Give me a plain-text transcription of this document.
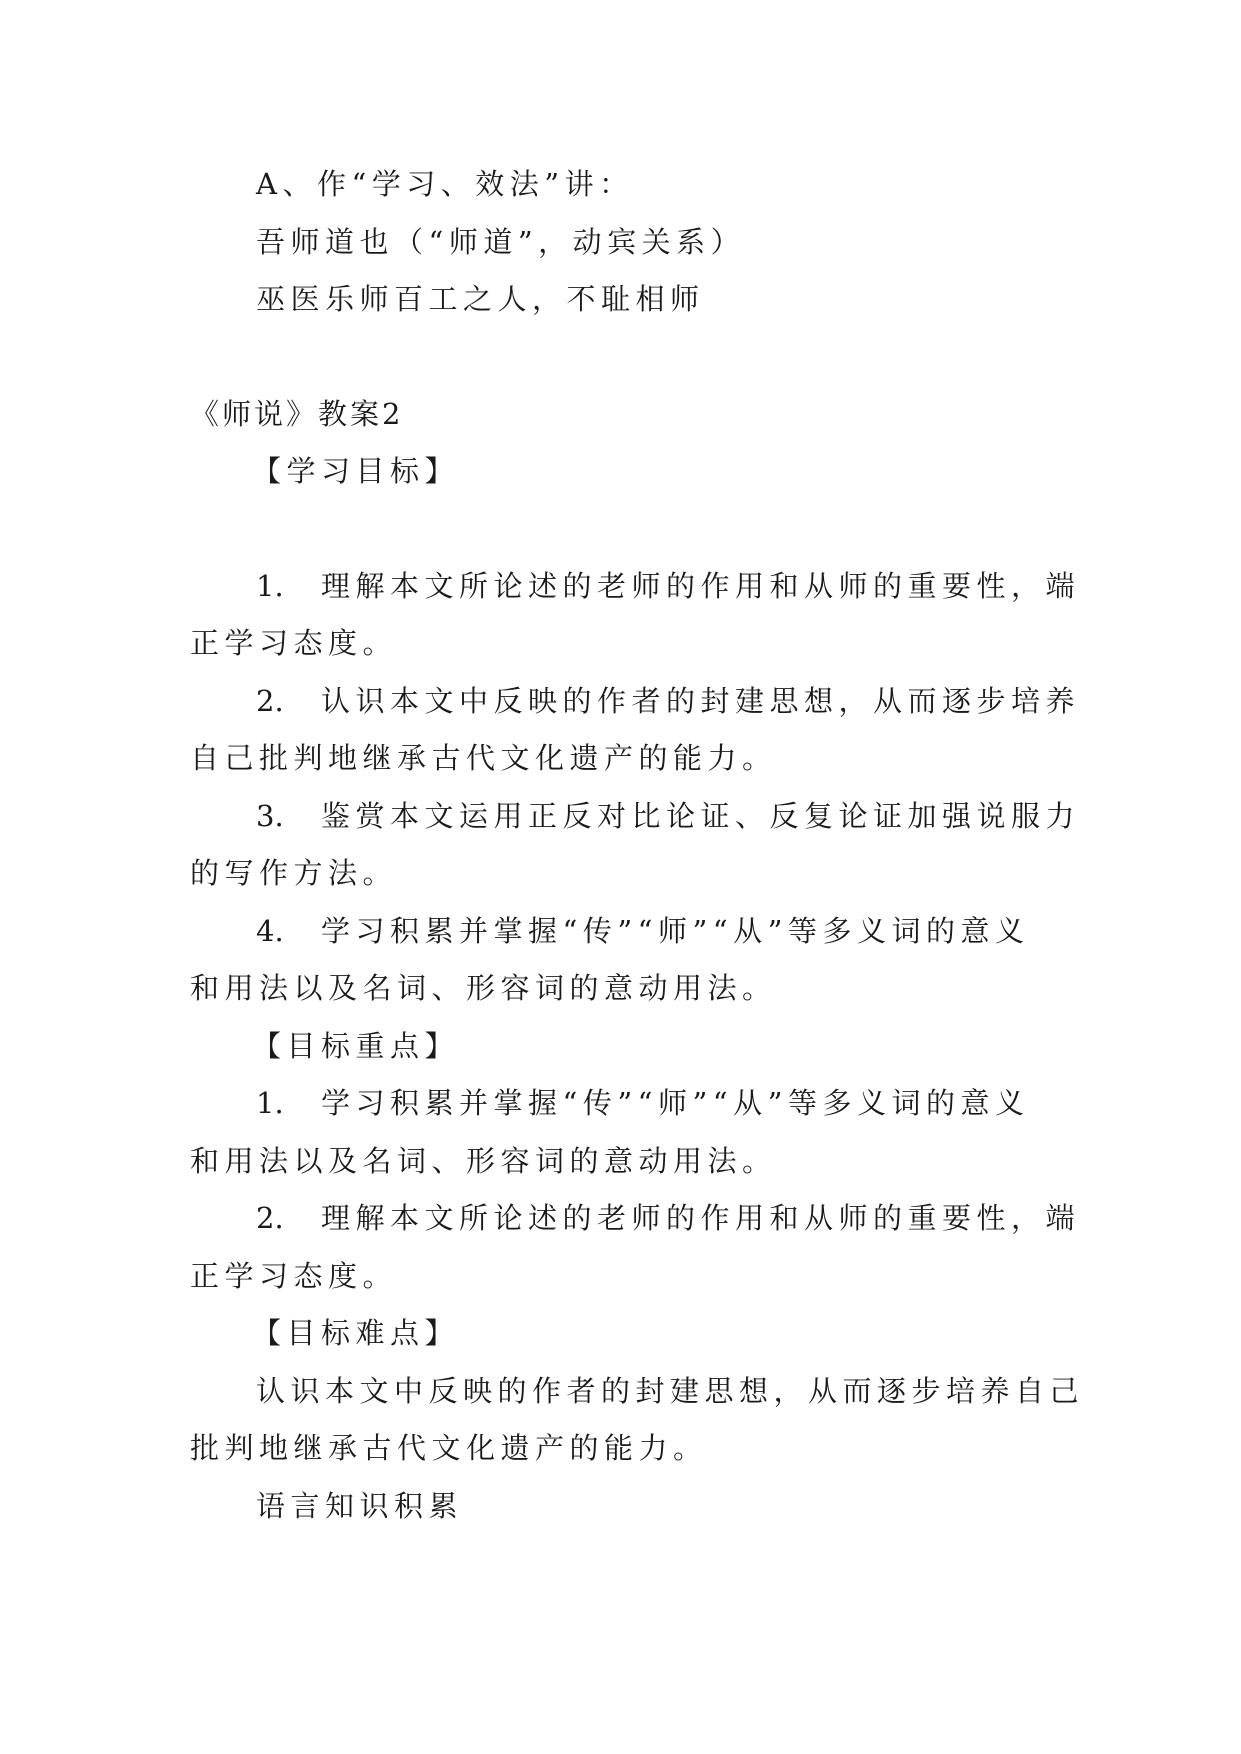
A、作“学习、效法”讲：
吾师道也（“师道”，动宾关系）
巫医乐师百工之人，不耻相师
《师说》教案2
【学习目标】
1. 理解本文所论述的老师的作用和从师的重要性，端
正学习态度。
2. 认识本文中反映的作者的封建思想，从而逐步培养
自己批判地继承古代文化遗产的能力。
3. 鉴赏本文运用正反对比论证、反复论证加强说服力
的写作方法。
4. 学习积累并掌握“传”“师”“从”等多义词的意义
和用法以及名词、形容词的意动用法。
【目标重点】
1. 学习积累并掌握“传”“师”“从”等多义词的意义
和用法以及名词、形容词的意动用法。
2. 理解本文所论述的老师的作用和从师的重要性，端
正学习态度。
【目标难点】
认识本文中反映的作者的封建思想，从而逐步培养自己
批判地继承古代文化遗产的能力。
语言知识积累
